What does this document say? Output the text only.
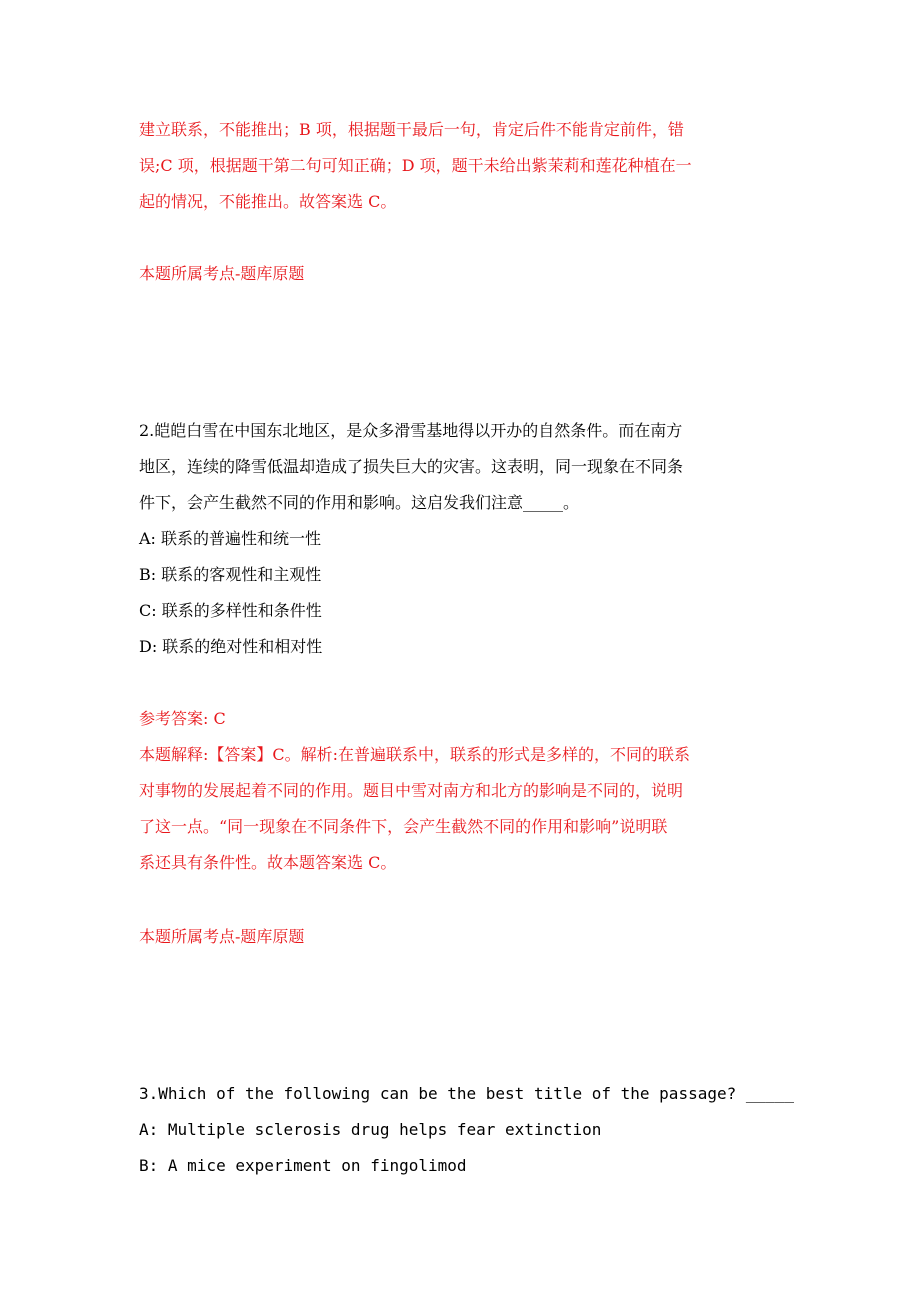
建立联系，不能推出；B 项，根据题干最后一句，肯定后件不能肯定前件，错
误;C 项，根据题干第二句可知正确；D 项，题干未给出紫茉莉和莲花种植在一
起的情况，不能推出。故答案选 C。
本题所属考点-题库原题
2.皑皑白雪在中国东北地区，是众多滑雪基地得以开办的自然条件。而在南方
地区，连续的降雪低温却造成了损失巨大的灾害。这表明，同一现象在不同条
件下，会产生截然不同的作用和影响。这启发我们注意_____。
A: 联系的普遍性和统一性
B: 联系的客观性和主观性
C: 联系的多样性和条件性
D: 联系的绝对性和相对性
参考答案: C
本题解释:【答案】C。解析:在普遍联系中，联系的形式是多样的，不同的联系
对事物的发展起着不同的作用。题目中雪对南方和北方的影响是不同的，说明
了这一点。“同一现象在不同条件下，会产生截然不同的作用和影响”说明联
系还具有条件性。故本题答案选 C。
本题所属考点-题库原题
3.Which of the following can be the best title of the passage? _____
A: Multiple sclerosis drug helps fear extinction
B: A mice experiment on fingolimod
